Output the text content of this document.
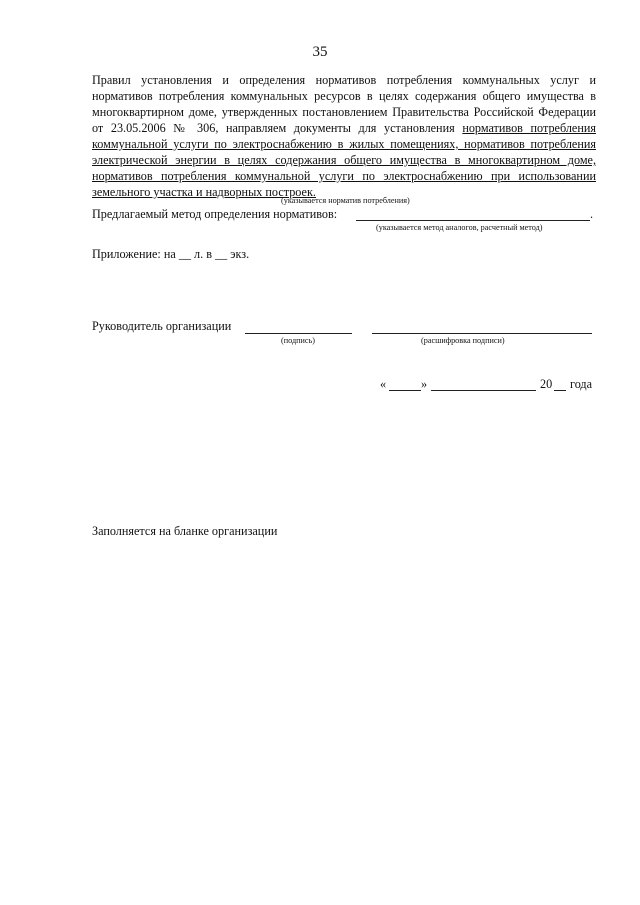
35

Правил установления и определения нормативов потребления коммунальных услуг и нормативов потребления коммунальных ресурсов в целях содержания общего имущества в многоквартирном доме, утвержденных постановлением Правительства Российской Федерации от 23.05.2006 № 306, направляем документы для установления нормативов потребления коммунальной услуги по электроснабжению в жилых помещениях, нормативов потребления электрической энергии в целях содержания общего имущества в многоквартирном доме, нормативов потребления коммунальной услуги по электроснабжению при использовании земельного участка и надворных построек.

(указывается норматив потребления)
Предлагаемый метод определения нормативов:	.
(указывается метод аналогов, расчетный метод)
Приложение: на __ л. в __ экз.
Руководитель организации
(подпись)	(расшифровка подписи)
«	»	20 года
Заполняется на бланке организации
